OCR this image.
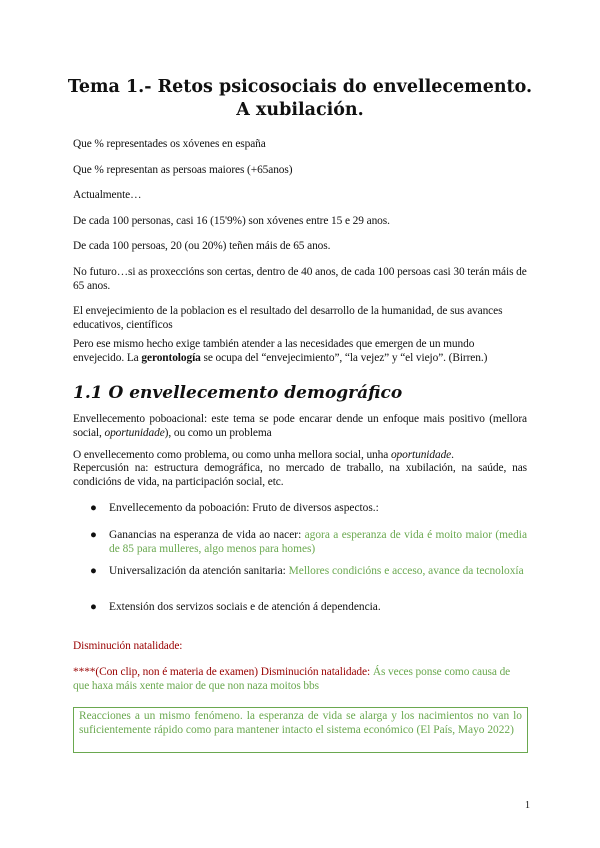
Tema 1.- Retos psicosociais do envellecemento.
A xubilación.

Que % representades os xóvenes en españa

Que % representan as persoas maiores (+65anos)

Actualmente…

De cada 100 personas, casi 16 (15'9%) son xóvenes entre 15 e 29 anos.

De cada 100 persoas, 20 (ou 20%) teñen máis de 65 anos.

No futuro…si as proxeccións son certas, dentro de 40 anos, de cada 100 persoas casi 30 terán máis de 65 anos.

El envejecimiento de la poblacion es el resultado del desarrollo de la humanidad, de sus avances educativos, científicos

Pero ese mismo hecho exige también atender a las necesidades que emergen de un mundo envejecido. La gerontología se ocupa del “envejecimiento”, “la vejez” y “el viejo”. (Birren.)

1.1 O envellecemento demográfico

Envellecemento poboacional: este tema se pode encarar dende un enfoque mais positivo (mellora social, oportunidade), ou como un problema

O envellecemento como problema, ou como unha mellora social, unha oportunidade.

Repercusión na: estructura demográfica, no mercado de traballo, na xubilación, na saúde, nas condicións de vida, na participación social, etc.

● Envellecemento da poboación: Fruto de diversos aspectos.:
● Ganancias na esperanza de vida ao nacer: agora a esperanza de vida é moito maior (media de 85 para mulleres, algo menos para homes)
● Universalización da atención sanitaria: Mellores condicións e acceso, avance da tecnoloxía
● Extensión dos servizos sociais e de atención á dependencia.

Disminución natalidade:

****(Con clip, non é materia de examen) Disminución natalidade: Ás veces ponse como causa de que haxa máis xente maior de que non naza moitos bbs

Reacciones a un mismo fenómeno. la esperanza de vida se alarga y los nacimientos no van lo suficientemente rápido como para mantener intacto el sistema económico (El País, Mayo 2022)
1
